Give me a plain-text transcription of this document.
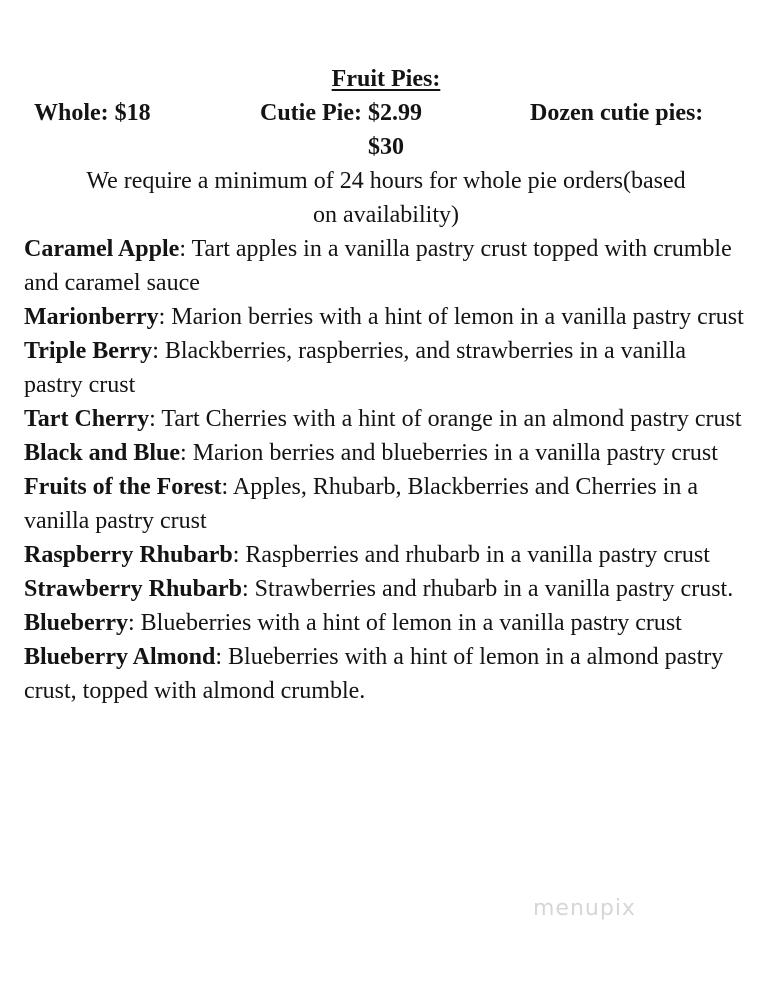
Fruit Pies:
Whole: $18	Cutie Pie: $2.99	Dozen cutie pies:
$30
We require a minimum of 24 hours for whole pie orders(based on availability)
Caramel Apple: Tart apples in a vanilla pastry crust topped with crumble and caramel sauce
Marionberry: Marion berries with a hint of lemon in a vanilla pastry crust
Triple Berry: Blackberries, raspberries, and strawberries in a vanilla pastry crust
Tart Cherry: Tart Cherries with a hint of orange in an almond pastry crust
Black and Blue: Marion berries and blueberries in a vanilla pastry crust
Fruits of the Forest: Apples, Rhubarb, Blackberries and Cherries in a vanilla pastry crust
Raspberry Rhubarb: Raspberries and rhubarb in a vanilla pastry crust
Strawberry Rhubarb: Strawberries and rhubarb in a vanilla pastry crust.
Blueberry: Blueberries with a hint of lemon in a vanilla pastry crust
Blueberry Almond: Blueberries with a hint of lemon in a almond pastry crust, topped with almond crumble.
menupix
